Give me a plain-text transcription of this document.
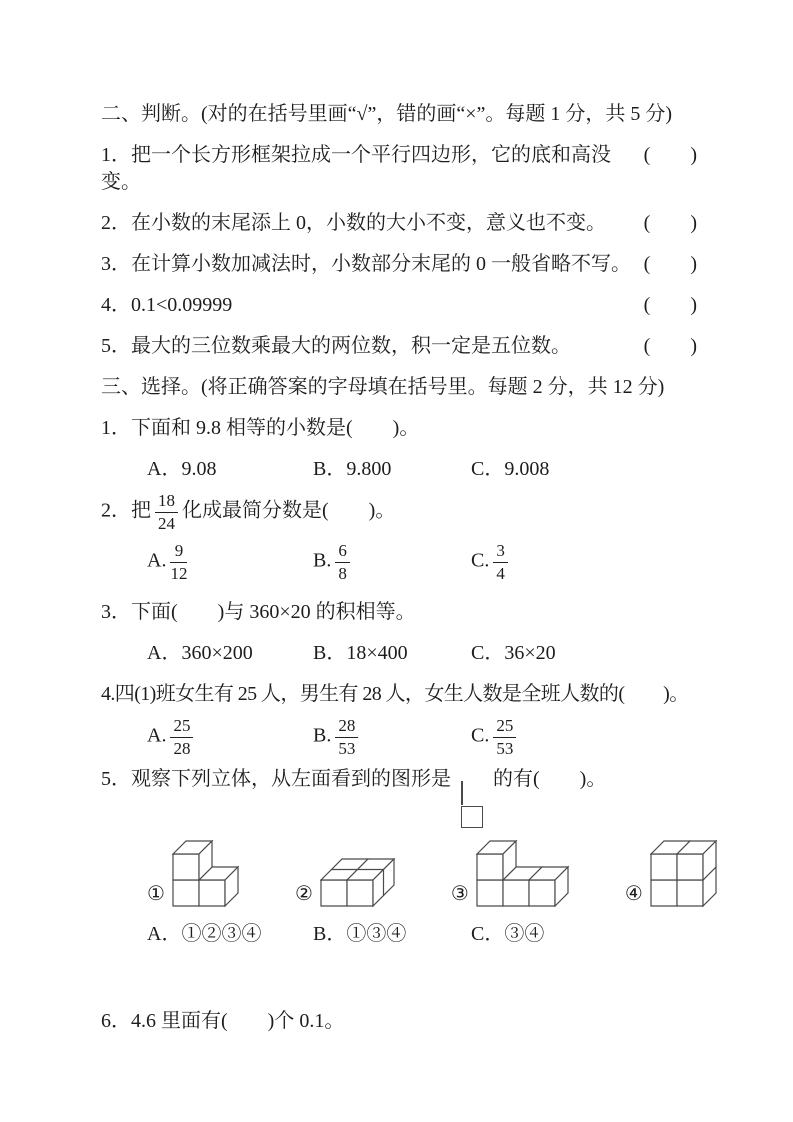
二、判断。(对的在括号里画“√”，错的画“×”。每题 1 分，共 5 分)
1．把一个长方形框架拉成一个平行四边形，它的底和高没变。
(　　)
2．在小数的末尾添上 0，小数的大小不变，意义也不变。 (　　)
3．在计算小数加减法时，小数部分末尾的 0 一般省略不写。 (　　)
4．0.1<0.09999	(　　)
5．最大的三位数乘最大的两位数，积一定是五位数。	(　　)
三、选择。(将正确答案的字母填在括号里。每题 2 分，共 12 分)
1．下面和 9.8 相等的小数是(　　)。
A．9.08	B．9.800	C．9.008
2．把 $\frac{18}{24}$ 化成最简分数是(　　)。
A. $\frac{9}{12}$	B. $\frac{6}{8}$	C. $\frac{3}{4}$
3．下面(　　)与 360×20 的积相等。
A．360×200	B．18×400	C．36×20
4.四(1)班女生有 25 人，男生有 28 人，女生人数是全班人数的(　　)。
A. $\frac{25}{28}$	B. $\frac{28}{53}$	C. $\frac{25}{53}$
5．观察下列立体，从左面看到的图形是 的有(　　)。
①	②	③	④
A．①②③④	B．①③④	C．③④
6．4.6 里面有(　　)个 0.1。
